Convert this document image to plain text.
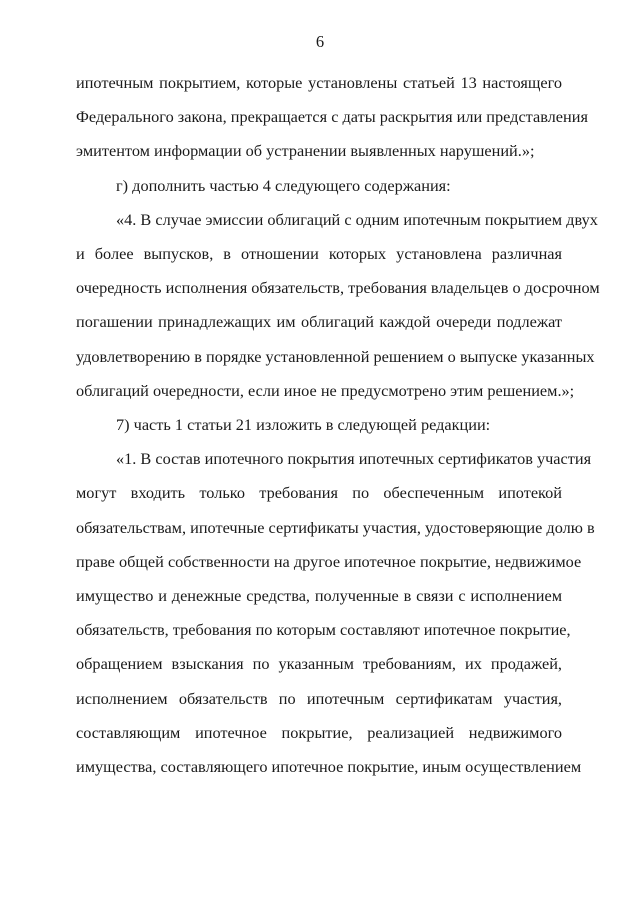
6
ипотечным покрытием, которые установлены статьей 13 настоящего
Федерального закона, прекращается с даты раскрытия или представления
эмитентом информации об устранении выявленных нарушений.»;
г) дополнить частью 4 следующего содержания:
«4. В случае эмиссии облигаций с одним ипотечным покрытием двух
и более выпусков, в отношении которых установлена различная
очередность исполнения обязательств, требования владельцев о досрочном
погашении принадлежащих им облигаций каждой очереди подлежат
удовлетворению в порядке установленной решением о выпуске указанных
облигаций очередности, если иное не предусмотрено этим решением.»;
7) часть 1 статьи 21 изложить в следующей редакции:
«1. В состав ипотечного покрытия ипотечных сертификатов участия
могут входить только требования по обеспеченным ипотекой
обязательствам, ипотечные сертификаты участия, удостоверяющие долю в
праве общей собственности на другое ипотечное покрытие, недвижимое
имущество и денежные средства, полученные в связи с исполнением
обязательств, требования по которым составляют ипотечное покрытие,
обращением взыскания по указанным требованиям, их продажей,
исполнением обязательств по ипотечным сертификатам участия,
составляющим ипотечное покрытие, реализацией недвижимого
имущества, составляющего ипотечное покрытие, иным осуществлением
